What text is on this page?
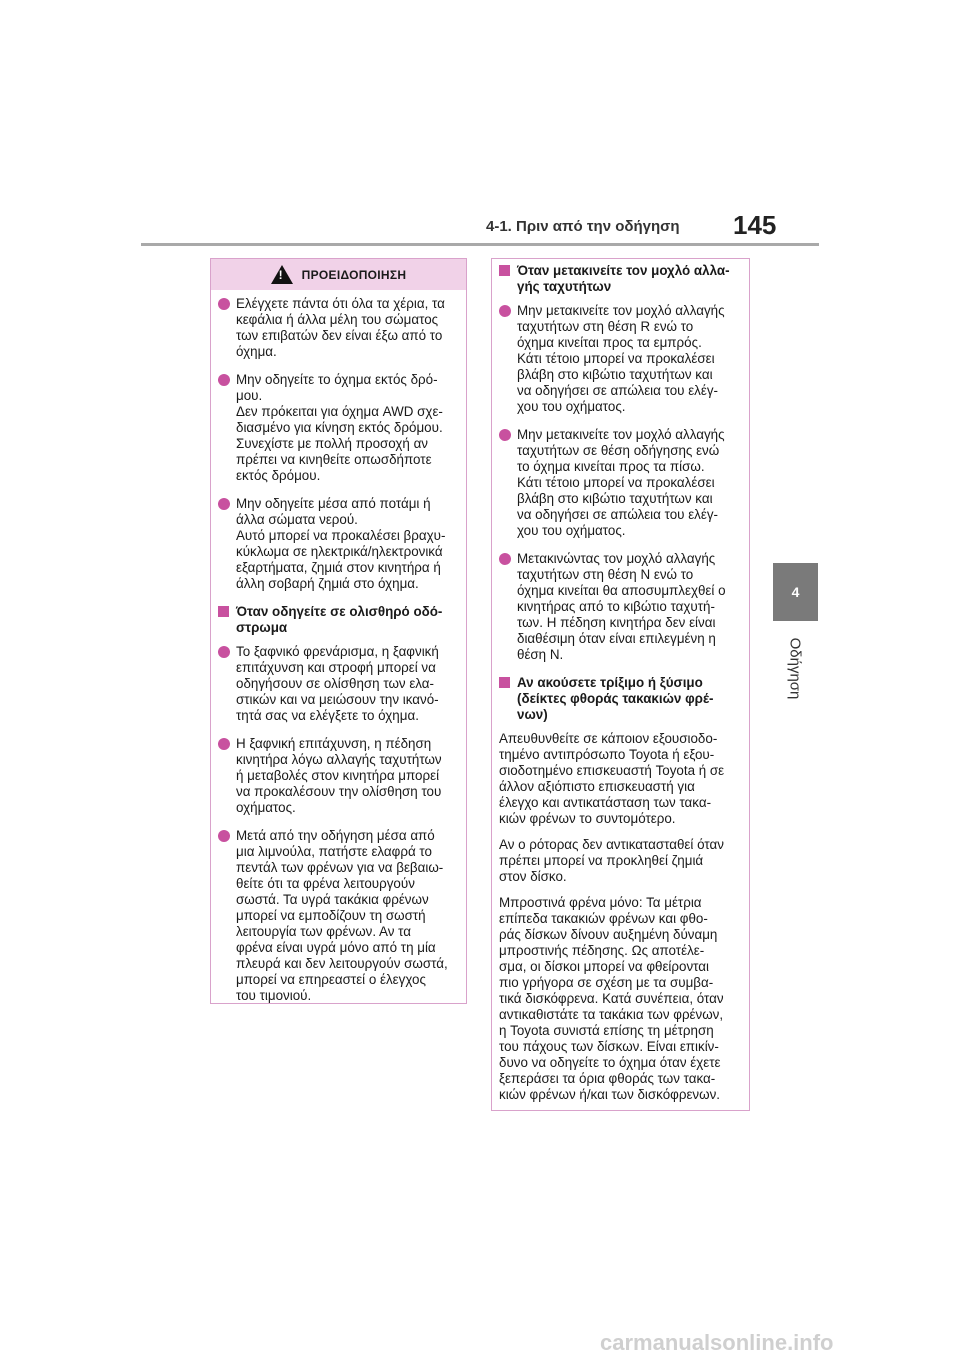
4-1. Πριν από την οδήγηση 145
4
Οδήγηση
!
ΠΡΟΕΙΔΟΠΟΙΗΣΗ
Ελέγχετε πάντα ότι όλα τα χέρια, τα
κεφάλια ή άλλα μέλη του σώματος
των επιβατών δεν είναι έξω από το
όχημα.
Μην οδηγείτε το όχημα εκτός δρό-
μου.
Δεν πρόκειται για όχημα AWD σχε-
διασμένο για κίνηση εκτός δρόμου.
Συνεχίστε με πολλή προσοχή αν
πρέπει να κινηθείτε οπωσδήποτε
εκτός δρόμου.
Μην οδηγείτε μέσα από ποτάμι ή
άλλα σώματα νερού.
Αυτό μπορεί να προκαλέσει βραχυ-
κύκλωμα σε ηλεκτρικά/ηλεκτρονικά
εξαρτήματα, ζημιά στον κινητήρα ή
άλλη σοβαρή ζημιά στο όχημα.
Όταν οδηγείτε σε ολισθηρό οδό-
στρωμα
Το ξαφνικό φρενάρισμα, η ξαφνική
επιτάχυνση και στροφή μπορεί να
οδηγήσουν σε ολίσθηση των ελα-
στικών και να μειώσουν την ικανό-
τητά σας να ελέγξετε το όχημα.
Η ξαφνική επιτάχυνση, η πέδηση
κινητήρα λόγω αλλαγής ταχυτήτων
ή μεταβολές στον κινητήρα μπορεί
να προκαλέσουν την ολίσθηση του
οχήματος.
Μετά από την οδήγηση μέσα από
μια λιμνούλα, πατήστε ελαφρά το
πεντάλ των φρένων για να βεβαιω-
θείτε ότι τα φρένα λειτουργούν
σωστά. Τα υγρά τακάκια φρένων
μπορεί να εμποδίζουν τη σωστή
λειτουργία των φρένων. Αν τα
φρένα είναι υγρά μόνο από τη μία
πλευρά και δεν λειτουργούν σωστά,
μπορεί να επηρεαστεί ο έλεγχος
του τιμονιού.
Όταν μετακινείτε τον μοχλό αλλα-
γής ταχυτήτων
Μην μετακινείτε τον μοχλό αλλαγής
ταχυτήτων στη θέση R ενώ το
όχημα κινείται προς τα εμπρός.
Κάτι τέτοιο μπορεί να προκαλέσει
βλάβη στο κιβώτιο ταχυτήτων και
να οδηγήσει σε απώλεια του ελέγ-
χου του οχήματος.
Μην μετακινείτε τον μοχλό αλλαγής
ταχυτήτων σε θέση οδήγησης ενώ
το όχημα κινείται προς τα πίσω.
Κάτι τέτοιο μπορεί να προκαλέσει
βλάβη στο κιβώτιο ταχυτήτων και
να οδηγήσει σε απώλεια του ελέγ-
χου του οχήματος.
Μετακινώντας τον μοχλό αλλαγής
ταχυτήτων στη θέση N ενώ το
όχημα κινείται θα αποσυμπλεχθεί ο
κινητήρας από το κιβώτιο ταχυτή-
των. Η πέδηση κινητήρα δεν είναι
διαθέσιμη όταν είναι επιλεγμένη η
θέση N.
Αν ακούσετε τρίξιμο ή ξύσιμο
(δείκτες φθοράς τακακιών φρέ-
νων)
Απευθυνθείτε σε κάποιον εξουσιοδο-
τημένο αντιπρόσωπο Toyota ή εξου-
σιοδοτημένο επισκευαστή Toyota ή σε
άλλον αξιόπιστο επισκευαστή για
έλεγχο και αντικατάσταση των τακα-
κιών φρένων το συντομότερο.
Αν ο ρότορας δεν αντικατασταθεί όταν
πρέπει μπορεί να προκληθεί ζημιά
στον δίσκο.
Μπροστινά φρένα μόνο: Τα μέτρια
επίπεδα τακακιών φρένων και φθο-
ράς δίσκων δίνουν αυξημένη δύναμη
μπροστινής πέδησης. Ως αποτέλε-
σμα, οι δίσκοι μπορεί να φθείρονται
πιο γρήγορα σε σχέση με τα συμβα-
τικά δισκόφρενα. Κατά συνέπεια, όταν
αντικαθιστάτε τα τακάκια των φρένων,
η Toyota συνιστά επίσης τη μέτρηση
του πάχους των δίσκων. Είναι επικίν-
δυνο να οδηγείτε το όχημα όταν έχετε
ξεπεράσει τα όρια φθοράς των τακα-
κιών φρένων ή/και των δισκόφρενων.
carmanualsonline.info
